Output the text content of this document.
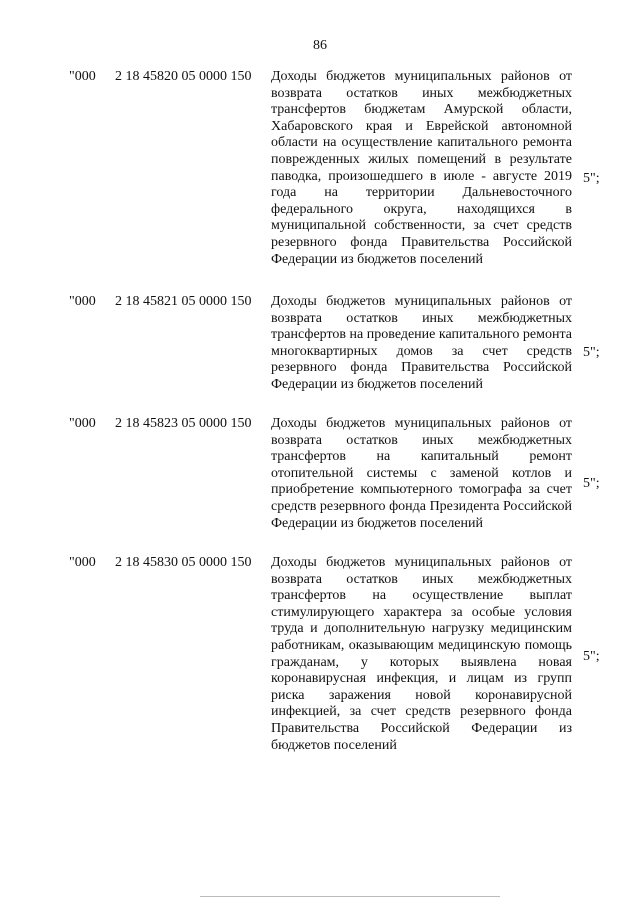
86
"000 2 18 45820 05 0000 150 Доходы бюджетов муниципальных районов от возврата остатков иных межбюджетных трансфертов бюджетам Амурской области, Хабаровского края и Еврейской автономной области на осуществление капитального ремонта поврежденных жилых помещений в результате паводка, произошедшего в июле - августе 2019 года на территории Дальневосточного федерального округа, находящихся в муниципальной собственности, за счет средств резервного фонда Правительства Российской Федерации из бюджетов поселений
5";
"000 2 18 45821 05 0000 150 Доходы бюджетов муниципальных районов от возврата остатков иных межбюджетных трансфертов на проведение капитального ремонта многоквартирных домов за счет средств резервного фонда Правительства Российской Федерации из бюджетов поселений
5";
"000 2 18 45823 05 0000 150 Доходы бюджетов муниципальных районов от возврата остатков иных межбюджетных трансфертов на капитальный ремонт отопительной системы с заменой котлов и приобретение компьютерного томографа за счет средств резервного фонда Президента Российской Федерации из бюджетов поселений
5";
"000 2 18 45830 05 0000 150 Доходы бюджетов муниципальных районов от возврата остатков иных межбюджетных трансфертов на осуществление выплат стимулирующего характера за особые условия труда и дополнительную нагрузку медицинским работникам, оказывающим медицинскую помощь гражданам, у которых выявлена новая коронавирусная инфекция, и лицам из групп риска заражения новой коронавирусной инфекцией, за счет средств резервного фонда Правительства Российской Федерации из бюджетов поселений
5";
